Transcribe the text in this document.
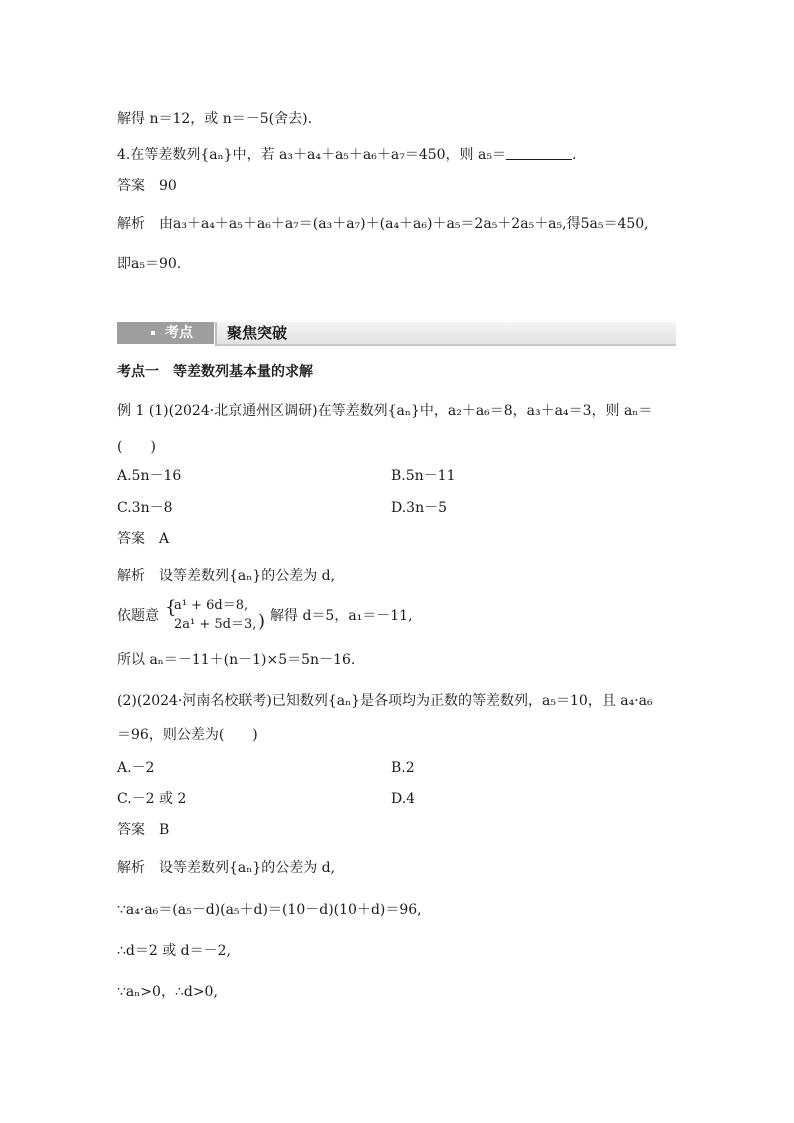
解得 n＝12，或 n＝－5(舍去).
4.在等差数列{aₙ}中，若 a₃＋a₄＋a₅＋a₆＋a₇＝450，则 a₅＝	.
答案　90
解析　由a₃＋a₄＋a₅＋a₆＋a₇＝(a₃＋a₇)＋(a₄＋a₆)＋a₅＝2a₅＋2a₅＋a₅,得5a₅＝450,
即a₅＝90.
考点 聚焦突破
考点一　等差数列基本量的求解
例 1 (1)(2024·北京通州区调研)在等差数列{aₙ}中，a₂＋a₆＝8，a₃＋a₄＝3，则 aₙ＝
(　　)
A.5n－16	B.5n－11
C.3n－8	D.3n－5
答案　A
解析　设等差数列{aₙ}的公差为 d,
依题意 {
a¹ + 6d＝8,
2a¹ + 5d＝3, ) 解得 d＝5，a₁＝－11,
所以 aₙ＝－11＋(n－1)×5＝5n－16.
(2)(2024·河南名校联考)已知数列{aₙ}是各项均为正数的等差数列，a₅＝10，且 a₄·a₆
＝96，则公差为(　　)
A.－2	B.2
C.－2 或 2	D.4
答案　B
解析　设等差数列{aₙ}的公差为 d,
∵a₄·a₆＝(a₅－d)(a₅＋d)＝(10－d)(10＋d)＝96,
∴d＝2 或 d＝－2,
∵aₙ>0，∴d>0,
